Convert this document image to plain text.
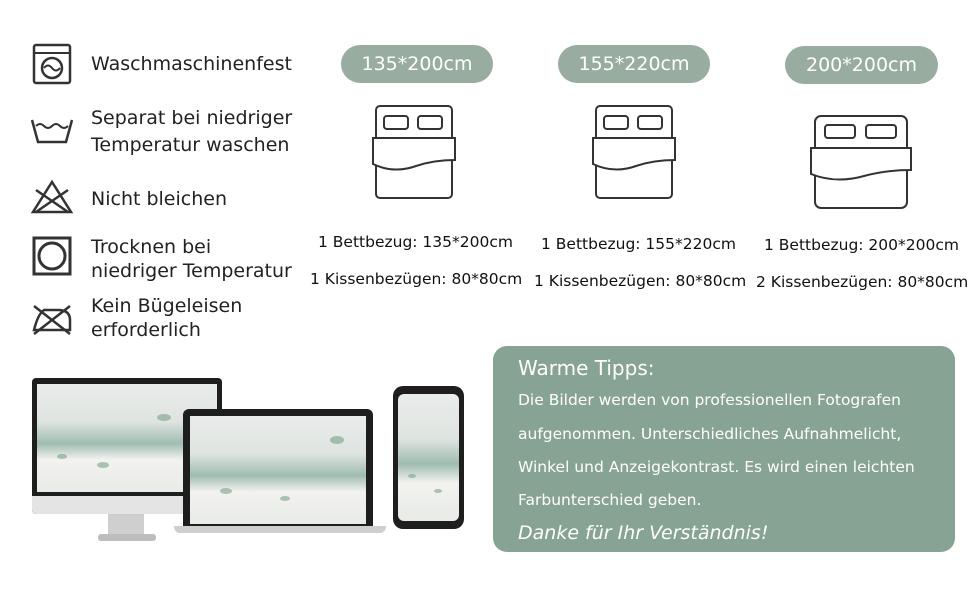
Waschmaschinenfest
Separat bei niedriger
Temperatur waschen
Nicht bleichen
Trocknen bei
niedriger Temperatur
Kein Bügeleisen
erforderlich
135*200cm	155*220cm	200*200cm
1 Bettbezug: 135*200cm
1 Kissenbezügen: 80*80cm
1 Bettbezug: 155*220cm
1 Kissenbezügen: 80*80cm
1 Bettbezug: 200*200cm
2 Kissenbezügen: 80*80cm
Warme Tipps:
Die Bilder werden von professionellen Fotografen
aufgenommen. Unterschiedliches Aufnahmelicht,
Winkel und Anzeigekontrast. Es wird einen leichten
Farbunterschied geben.
Danke für Ihr Verständnis!
